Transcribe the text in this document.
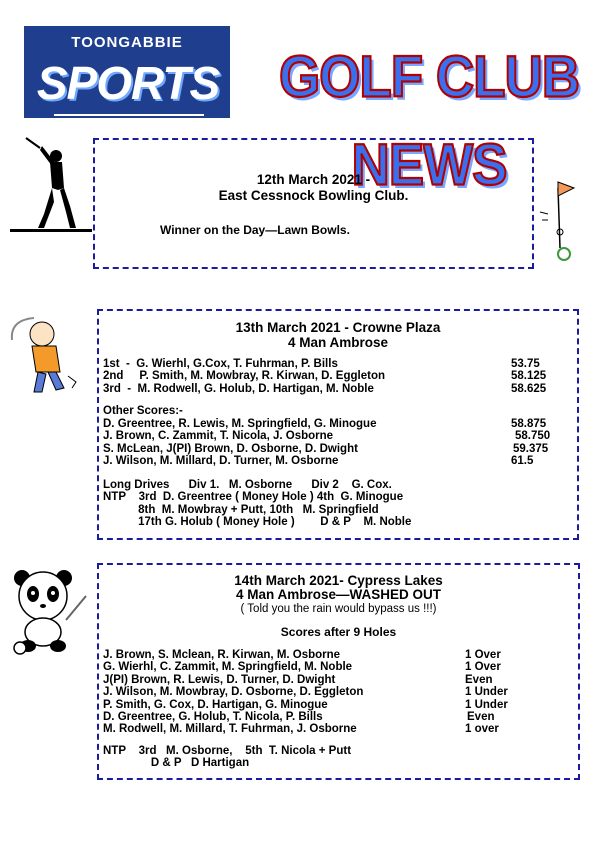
TOONGABBIE
SPORTS GOLF CLUB NEWS
12th March 2021 -
East Cessnock Bowling Club.
Winner on the Day—Lawn Bowls.
13th March 2021 - Crowne Plaza
4 Man Ambrose
1st  -  G. Wierhl, G.Cox, T. Fuhrman, P. Bills	53.75
2nd     P. Smith, M. Mowbray, R. Kirwan, D. Eggleton	58.125
3rd  -  M. Rodwell, G. Holub, D. Hartigan, M. Noble	58.625
Other Scores:-
D. Greentree, R. Lewis, M. Springfield, G. Minogue	58.875
J. Brown, C. Zammit, T. Nicola, J. Osborne	58.750
S. McLean, J(PI) Brown, D. Osborne, D. Dwight	59.375
J. Wilson, M. Millard, D. Turner, M. Osborne	61.5
Long Drives      Div 1.   M. Osborne      Div 2    G. Cox.
NTP    3rd  D. Greentree ( Money Hole ) 4th  G. Minogue
8th  M. Mowbray + Putt, 10th   M. Springfield
17th G. Holub ( Money Hole )        D & P    M. Noble
14th March 2021- Cypress Lakes
4 Man Ambrose—WASHED OUT
( Told you the rain would bypass us !!!)
Scores after 9 Holes
J. Brown, S. Mclean, R. Kirwan, M. Osborne	1 Over
G. Wierhl, C. Zammit, M. Springfield, M. Noble	1 Over
J(PI) Brown, R. Lewis, D. Turner, D. Dwight	Even
J. Wilson, M. Mowbray, D. Osborne, D. Eggleton	1 Under
P. Smith, G. Cox, D. Hartigan, G. Minogue	1 Under
D. Greentree, G. Holub, T. Nicola, P. Bills	Even
M. Rodwell, M. Millard, T. Fuhrman, J. Osborne	1 over
NTP    3rd   M. Osborne,    5th  T. Nicola + Putt
D & P   D Hartigan
